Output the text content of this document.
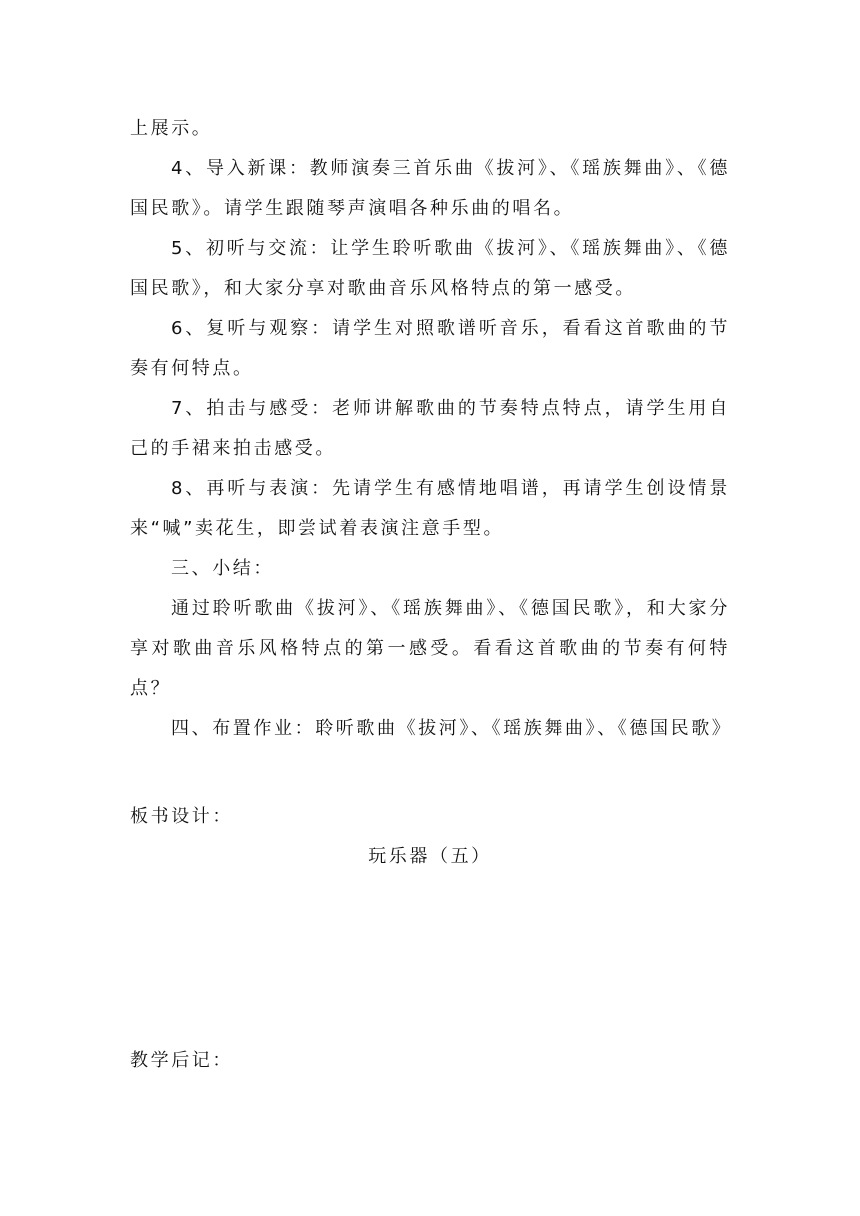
上展示。

4、导入新课：教师演奏三首乐曲《拔河》、《瑶族舞曲》、《德国民歌》。请学生跟随琴声演唱各种乐曲的唱名。

5、初听与交流：让学生聆听歌曲《拔河》、《瑶族舞曲》、《德国民歌》，和大家分享对歌曲音乐风格特点的第一感受。

6、复听与观察：请学生对照歌谱听音乐，看看这首歌曲的节奏有何特点。

7、拍击与感受：老师讲解歌曲的节奏特点特点，请学生用自己的手裙来拍击感受。

8、再听与表演：先请学生有感情地唱谱，再请学生创设情景来“喊”卖花生，即尝试着表演注意手型。

三、小结：

通过聆听歌曲《拔河》、《瑶族舞曲》、《德国民歌》，和大家分享对歌曲音乐风格特点的第一感受。看看这首歌曲的节奏有何特点？

四、布置作业：聆听歌曲《拔河》、《瑶族舞曲》、《德国民歌》

板书设计：
玩乐器（五）
教学后记：
